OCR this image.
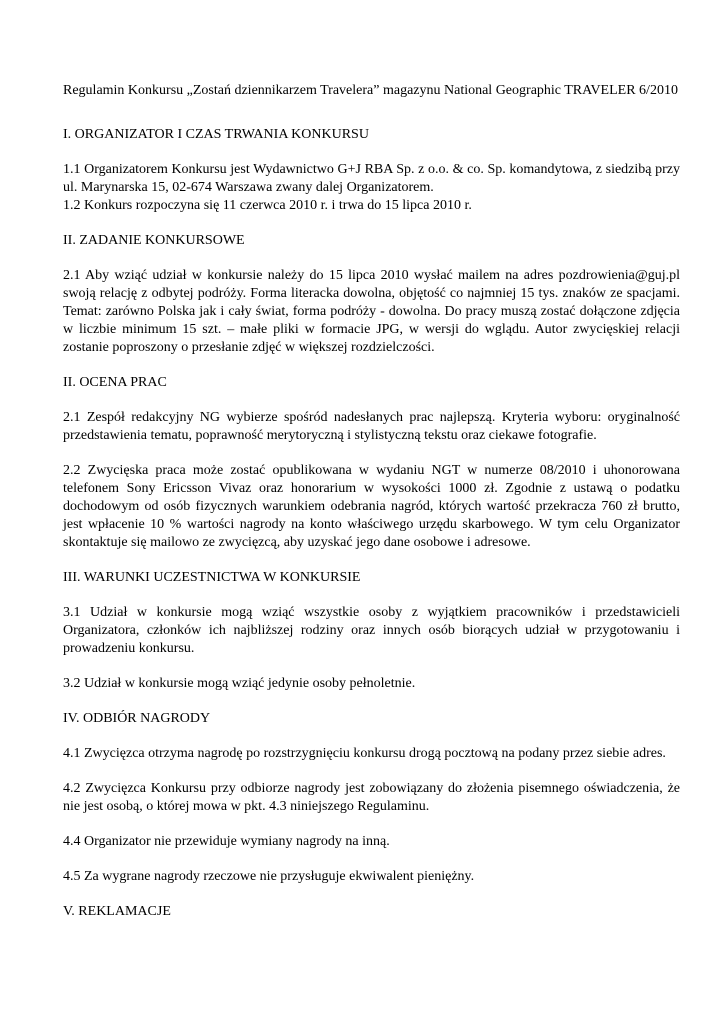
Regulamin Konkursu „Zostań dziennikarzem Travelera” magazynu National Geographic TRAVELER 6/2010

I. ORGANIZATOR I CZAS TRWANIA KONKURSU

1.1 Organizatorem Konkursu jest Wydawnictwo G+J RBA Sp. z o.o. & co. Sp. komandytowa, z siedzibą przy ul. Marynarska 15, 02-674 Warszawa zwany dalej Organizatorem.

1.2 Konkurs rozpoczyna się 11 czerwca 2010 r. i trwa do 15 lipca 2010 r.

II. ZADANIE KONKURSOWE

2.1 Aby wziąć udział w konkursie należy do 15 lipca 2010 wysłać mailem na adres pozdrowienia@guj.pl swoją relację z odbytej podróży. Forma literacka dowolna, objętość co najmniej 15 tys. znaków ze spacjami. Temat: zarówno Polska jak i cały świat, forma podróży - dowolna. Do pracy muszą zostać dołączone zdjęcia w liczbie minimum 15 szt. – małe pliki w formacie JPG, w wersji do wglądu. Autor zwycięskiej relacji zostanie poproszony o przesłanie zdjęć w większej rozdzielczości.

II. OCENA PRAC

2.1 Zespół redakcyjny NG wybierze spośród nadesłanych prac najlepszą. Kryteria wyboru: oryginalność przedstawienia tematu, poprawność merytoryczną i stylistyczną tekstu oraz ciekawe fotografie.

2.2 Zwycięska praca może zostać opublikowana w wydaniu NGT w numerze 08/2010 i uhonorowana telefonem Sony Ericsson Vivaz oraz honorarium w wysokości 1000 zł. Zgodnie z ustawą o podatku dochodowym od osób fizycznych warunkiem odebrania nagród, których wartość przekracza 760 zł brutto, jest wpłacenie 10 % wartości nagrody na konto właściwego urzędu skarbowego. W tym celu Organizator skontaktuje się mailowo ze zwycięzcą, aby uzyskać jego dane osobowe i adresowe.

III. WARUNKI UCZESTNICTWA W KONKURSIE

3.1 Udział w konkursie mogą wziąć wszystkie osoby z wyjątkiem pracowników i przedstawicieli Organizatora, członków ich najbliższej rodziny oraz innych osób biorących udział w przygotowaniu i prowadzeniu konkursu.

3.2 Udział w konkursie mogą wziąć jedynie osoby pełnoletnie.

IV. ODBIÓR NAGRODY

4.1 Zwycięzca otrzyma nagrodę po rozstrzygnięciu konkursu drogą pocztową na podany przez siebie adres.

4.2 Zwycięzca Konkursu przy odbiorze nagrody jest zobowiązany do złożenia pisemnego oświadczenia, że nie jest osobą, o której mowa w pkt. 4.3 niniejszego Regulaminu.

4.4 Organizator nie przewiduje wymiany nagrody na inną.

4.5 Za wygrane nagrody rzeczowe nie przysługuje ekwiwalent pieniężny.

V. REKLAMACJE
